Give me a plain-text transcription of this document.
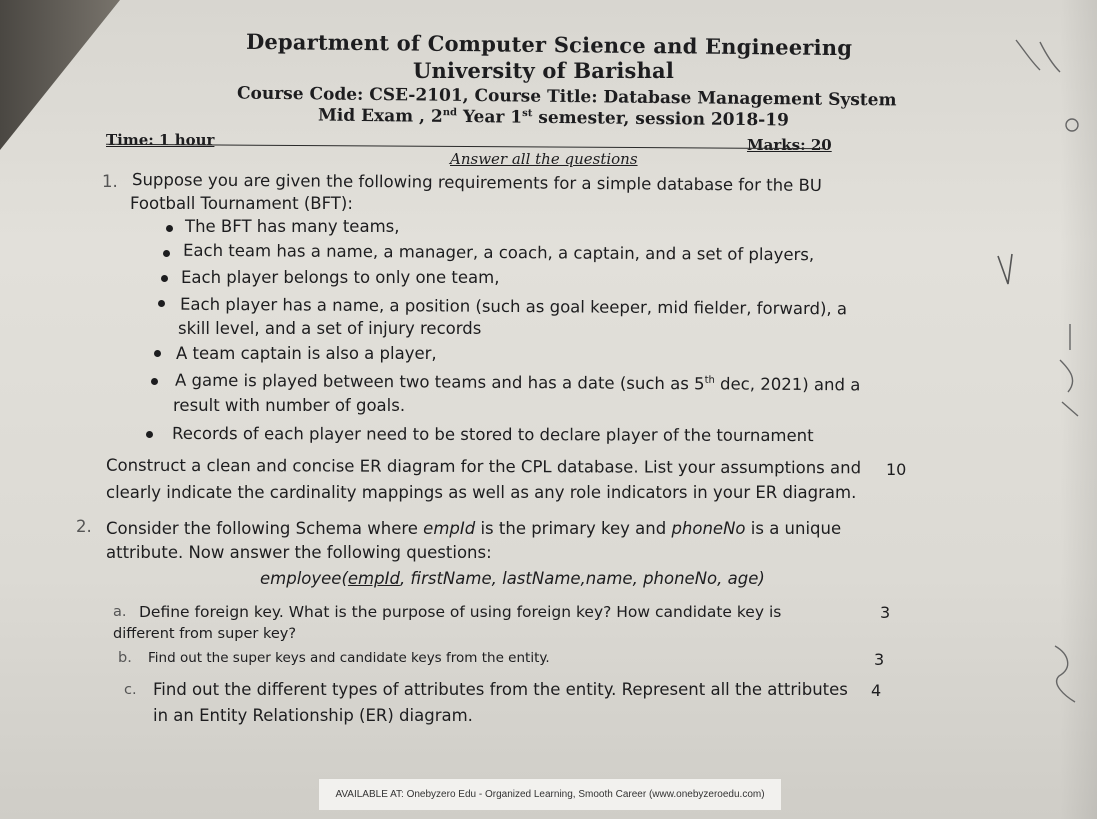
Department of Computer Science and Engineering
University of Barishal
Course Code: CSE-2101, Course Title: Database Management System
Mid Exam , 2nd Year 1st semester, session 2018-19
Time: 1 hour	Marks: 20
Answer all the questions
1. Suppose you are given the following requirements for a simple database for the BU
Football Tournament (BFT):
The BFT has many teams,
Each team has a name, a manager, a coach, a captain, and a set of players,
Each player belongs to only one team,
Each player has a name, a position (such as goal keeper, mid fielder, forward), a
skill level, and a set of injury records
A team captain is also a player,
A game is played between two teams and has a date (such as 5th dec, 2021) and a
result with number of goals.
Records of each player need to be stored to declare player of the tournament
Construct a clean and concise ER diagram for the CPL database. List your assumptions and
clearly indicate the cardinality mappings as well as any role indicators in your ER diagram.
10
2. Consider the following Schema where empId is the primary key and phoneNo is a unique
attribute. Now answer the following questions:
employee(empId, firstName, lastName,name, phoneNo, age)
a. Define foreign key. What is the purpose of using foreign key? How candidate key is
different from super key?
3
b. Find out the super keys and candidate keys from the entity.	3
c. Find out the different types of attributes from the entity. Represent all the attributes
in an Entity Relationship (ER) diagram.
4
AVAILABLE AT: Onebyzero Edu - Organized Learning, Smooth Career (www.onebyzeroedu.com)
